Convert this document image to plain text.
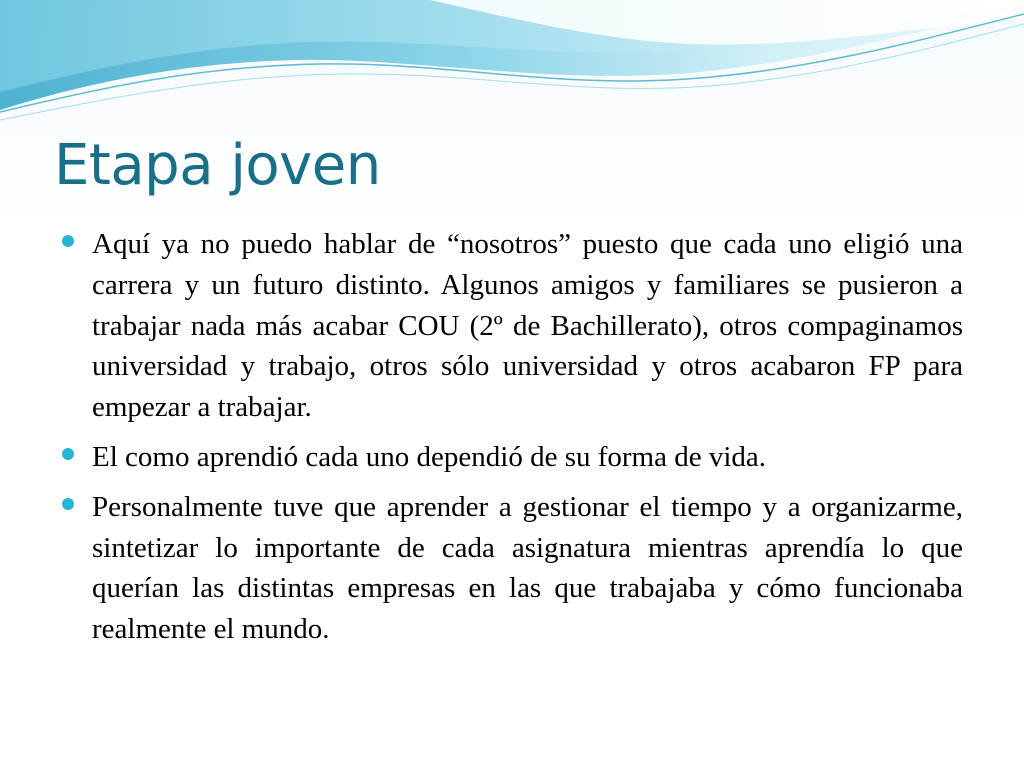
Etapa joven
Aquí ya no puedo hablar de “nosotros” puesto que cada uno eligió una carrera y un futuro distinto. Algunos amigos y familiares se pusieron a trabajar nada más acabar COU (2º de Bachillerato), otros compaginamos universidad y trabajo, otros sólo universidad y otros acabaron FP para empezar a trabajar.
El como aprendió cada uno dependió de su forma de vida.
Personalmente tuve que aprender a gestionar el tiempo y a organizarme, sintetizar lo importante de cada asignatura mientras aprendía lo que querían las distintas empresas en las que trabajaba y cómo funcionaba realmente el mundo.
